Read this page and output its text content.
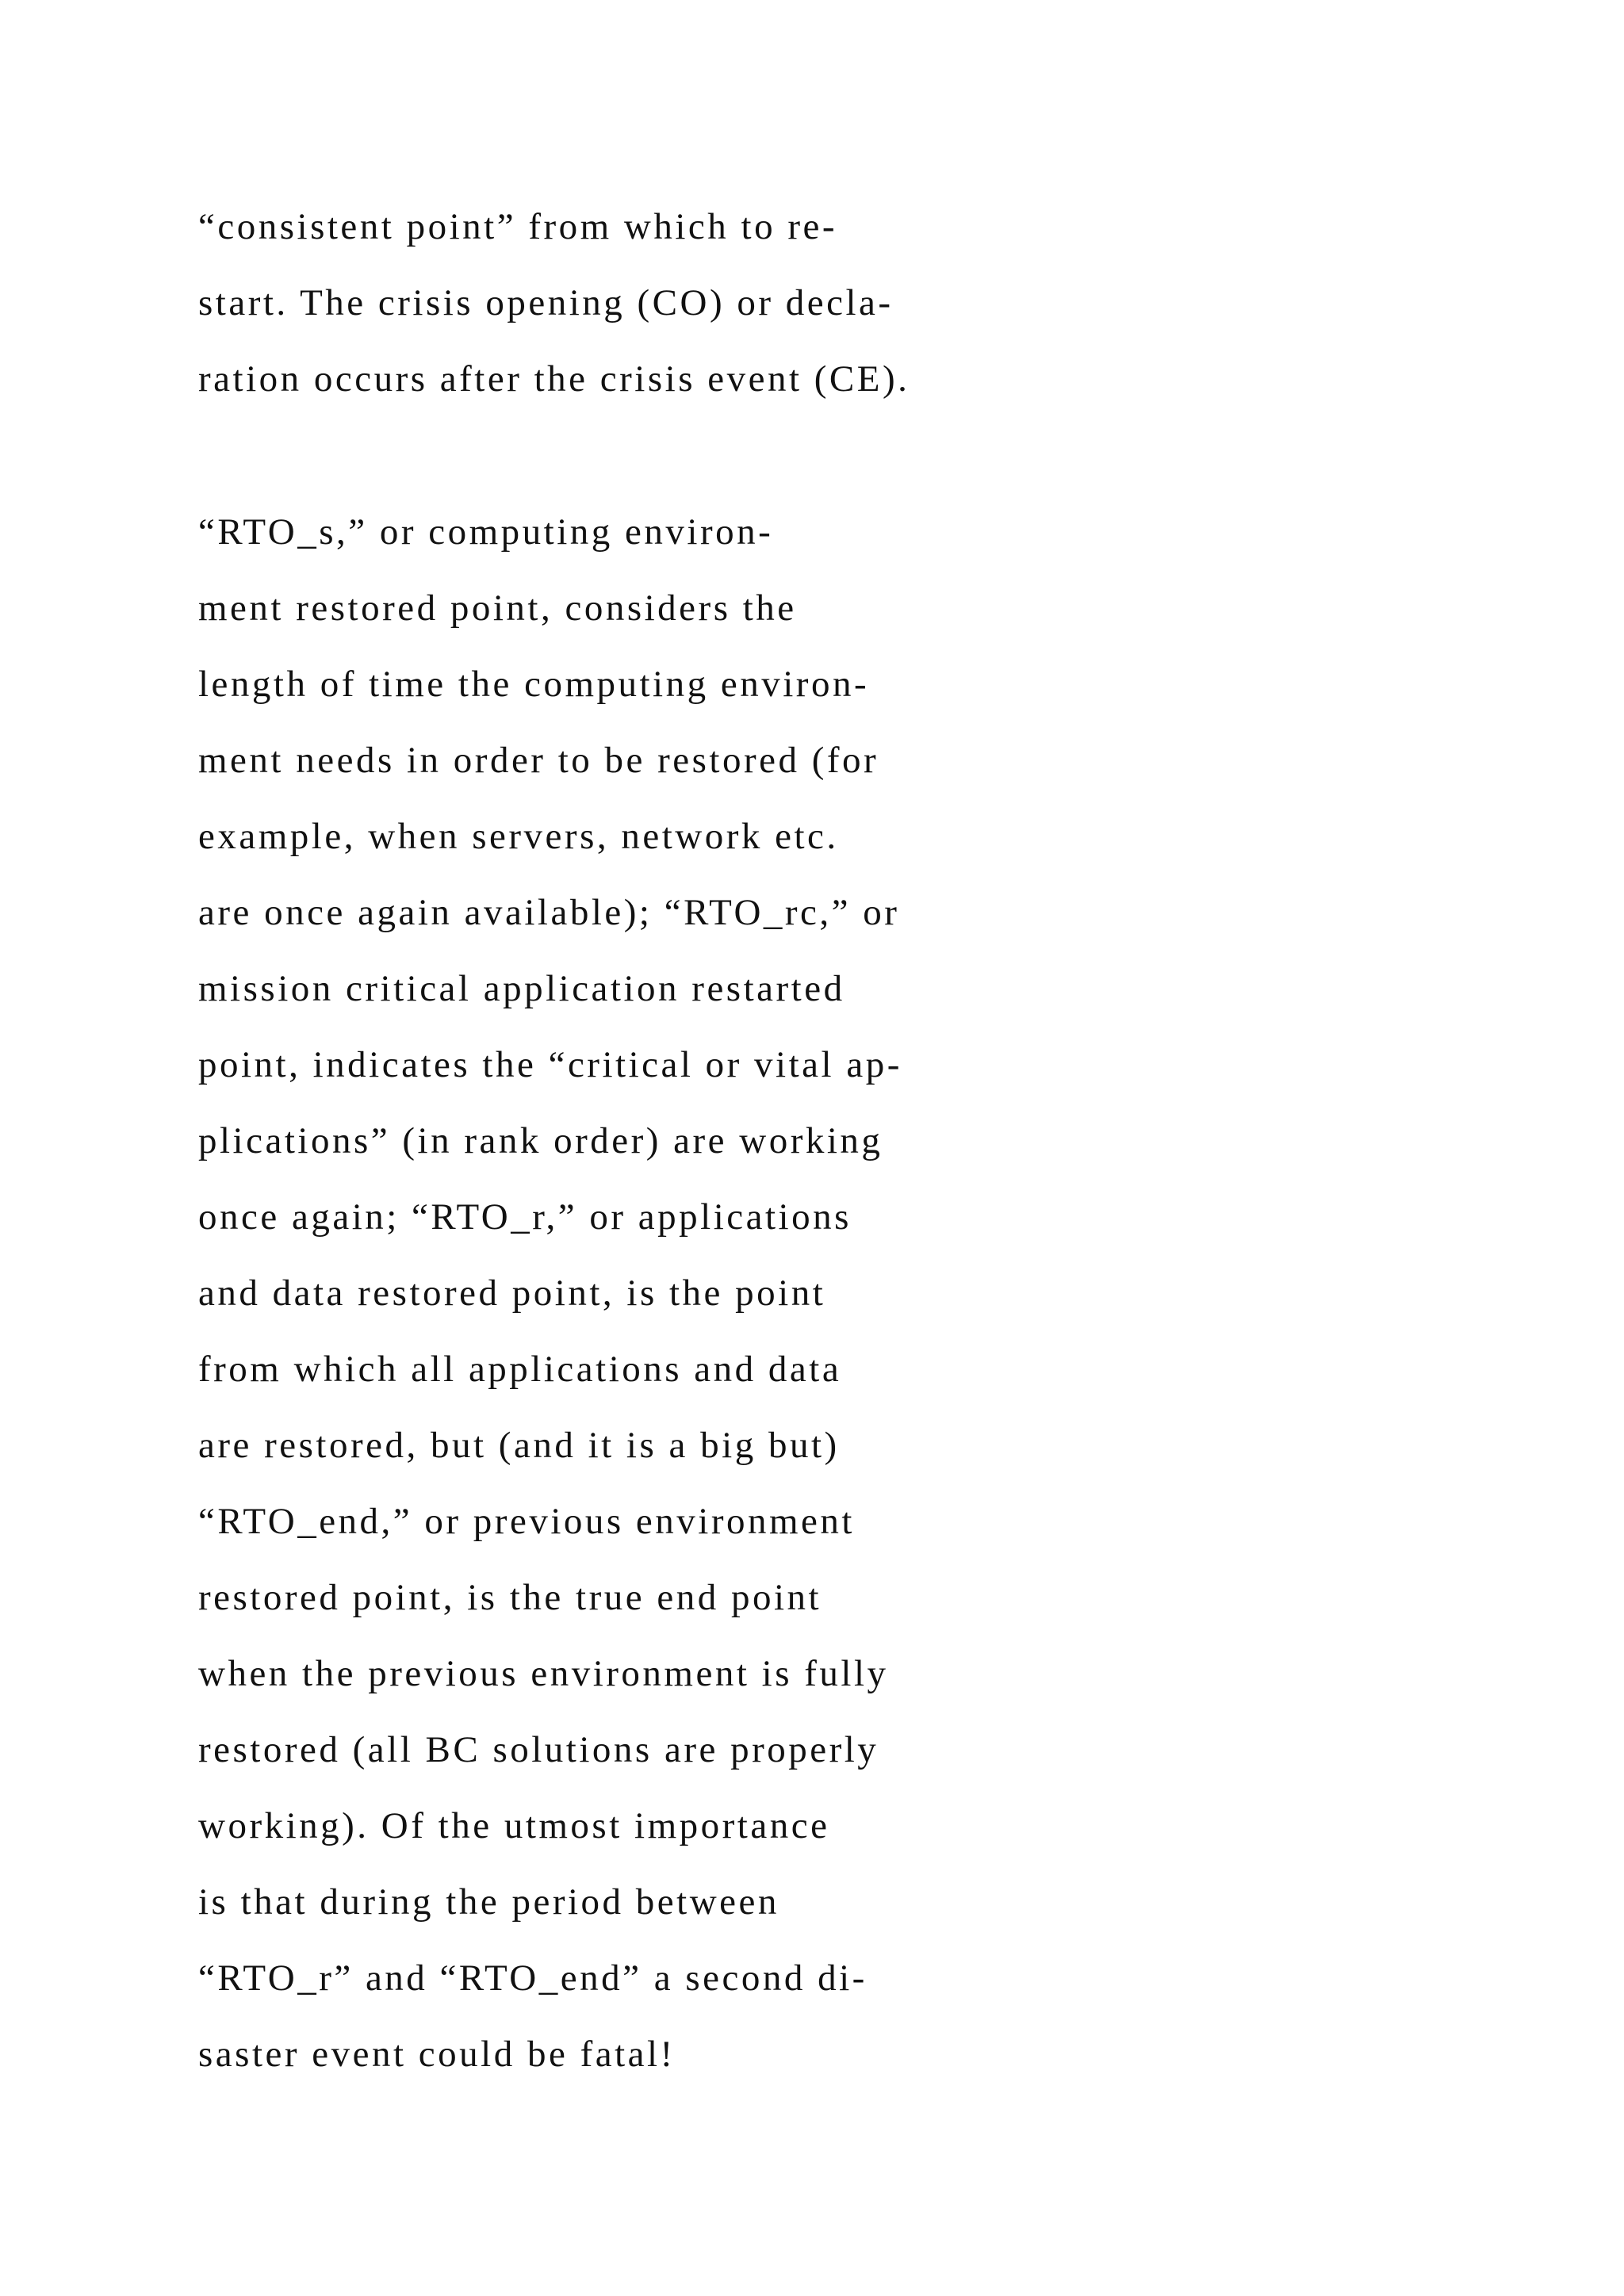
“consistent point” from which to re-
start. The crisis opening (CO) or decla-
ration occurs after the crisis event (CE).
“RTO_s,” or computing environ-
ment restored point, considers the
length of time the computing environ-
ment needs in order to be restored (for
example, when servers, network etc.
are once again available); “RTO_rc,” or
mission critical application restarted
point, indicates the “critical or vital ap-
plications” (in rank order) are working
once again; “RTO_r,” or applications
and data restored point, is the point
from which all applications and data
are restored, but (and it is a big but)
“RTO_end,” or previous environment
restored point, is the true end point
when the previous environment is fully
restored (all BC solutions are properly
working). Of the utmost importance
is that during the period between
“RTO_r” and “RTO_end” a second di-
saster event could be fatal!
